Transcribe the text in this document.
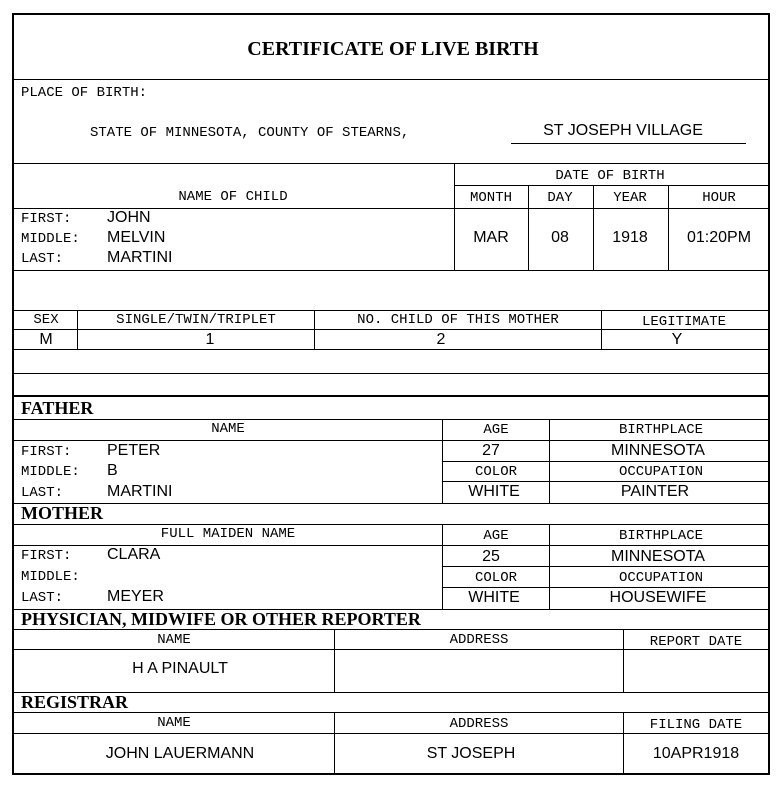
CERTIFICATE OF LIVE BIRTH
PLACE OF BIRTH:
STATE OF MINNESOTA, COUNTY OF STEARNS,	ST JOSEPH VILLAGE
DATE OF BIRTH
NAME OF CHILD	MONTH	DAY	YEAR	HOUR
FIRST: JOHN
MIDDLE: MELVIN
LAST:	MARTINI
MAR	08	1918 01:20PM
SEX	SINGLE/TWIN/TRIPLET	NO. CHILD OF THIS MOTHER	LEGITIMATE
M	1	2	Y
FATHER
NAME	AGE	BIRTHPLACE
27	MINNESOTA
COLOR	OCCUPATION
WHITE	PAINTER
FIRST: PETER
MIDDLE: B
LAST:	MARTINI
MOTHER
FULL MAIDEN NAME	AGE	BIRTHPLACE
25	MINNESOTA
COLOR	OCCUPATION
WHITE	HOUSEWIFE
FIRST: CLARA
MIDDLE:
LAST:	MEYER
PHYSICIAN, MIDWIFE OR OTHER REPORTER
NAME	ADDRESS	REPORT DATE
H A PINAULT
REGISTRAR
NAME	ADDRESS	FILING DATE
JOHN LAUERMANN	ST JOSEPH	10APR1918
